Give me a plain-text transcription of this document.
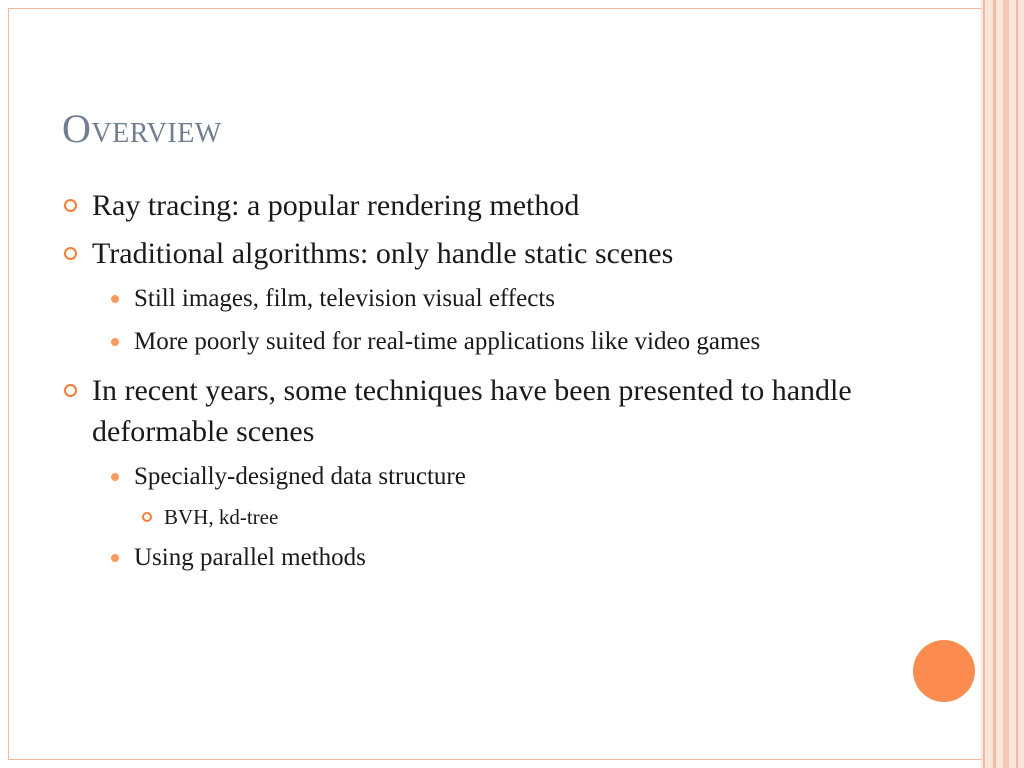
Overview
Ray tracing: a popular rendering method
Traditional algorithms: only handle static scenes
Still images, film, television visual effects
More poorly suited for real-time applications like video games
In recent years, some techniques have been presented to handle deformable scenes
Specially-designed data structure
BVH, kd-tree
Using parallel methods
